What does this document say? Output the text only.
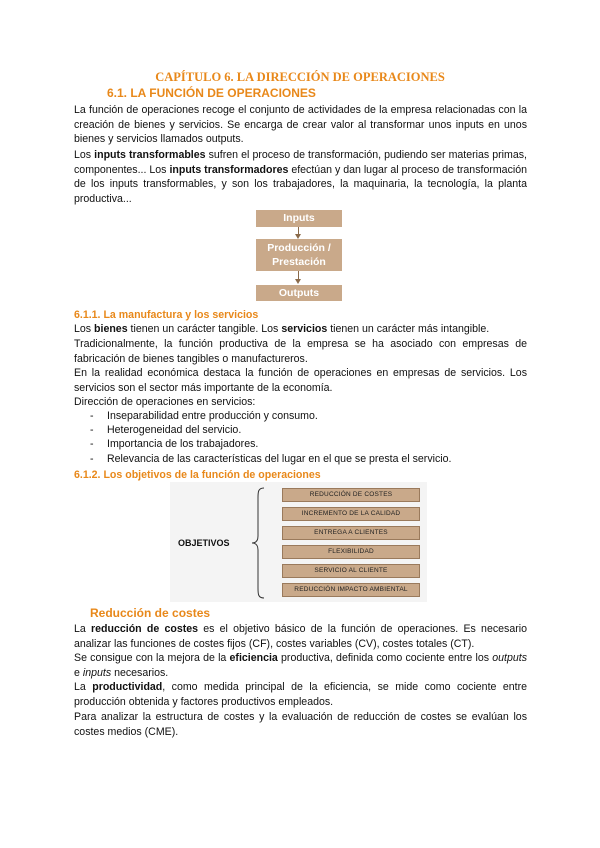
CAPÍTULO 6. LA DIRECCIÓN DE OPERACIONES
6.1. LA FUNCIÓN DE OPERACIONES

La función de operaciones recoge el conjunto de actividades de la empresa relacionadas con la creación de bienes y servicios. Se encarga de crear valor al transformar unos inputs en unos bienes y servicios llamados outputs.

Los inputs transformables sufren el proceso de transformación, pudiendo ser materias primas, componentes... Los inputs transformadores efectúan y dan lugar al proceso de transformación de los inputs transformables, y son los trabajadores, la maquinaria, la tecnología, la planta productiva...

Inputs
Producción /
Prestación
Outputs
6.1.1. La manufactura y los servicios

Los bienes tienen un carácter tangible. Los servicios tienen un carácter más intangible.

Tradicionalmente, la función productiva de la empresa se ha asociado con empresas de fabricación de bienes tangibles o manufactureros.

En la realidad económica destaca la función de operaciones en empresas de servicios. Los servicios son el sector más importante de la economía.

Dirección de operaciones en servicios:

- Inseparabilidad entre producción y consumo.

- Heterogeneidad del servicio.

- Importancia de los trabajadores.

- Relevancia de las características del lugar en el que se presta el servicio.

6.1.2. Los objetivos de la función de operaciones
OBJETIVOS
REDUCCIÓN DE COSTES
INCREMENTO DE LA CALIDAD
ENTREGA A CLIENTES
FLEXIBILIDAD
SERVICIO AL CLIENTE
REDUCCIÓN IMPACTO AMBIENTAL
Reducción de costes

La reducción de costes es el objetivo básico de la función de operaciones. Es necesario analizar las funciones de costes fijos (CF), costes variables (CV), costes totales (CT).

Se consigue con la mejora de la eficiencia productiva, definida como cociente entre los outputs e inputs necesarios.

La productividad, como medida principal de la eficiencia, se mide como cociente entre producción obtenida y factores productivos empleados.

Para analizar la estructura de costes y la evaluación de reducción de costes se evalúan los costes medios (CME).
